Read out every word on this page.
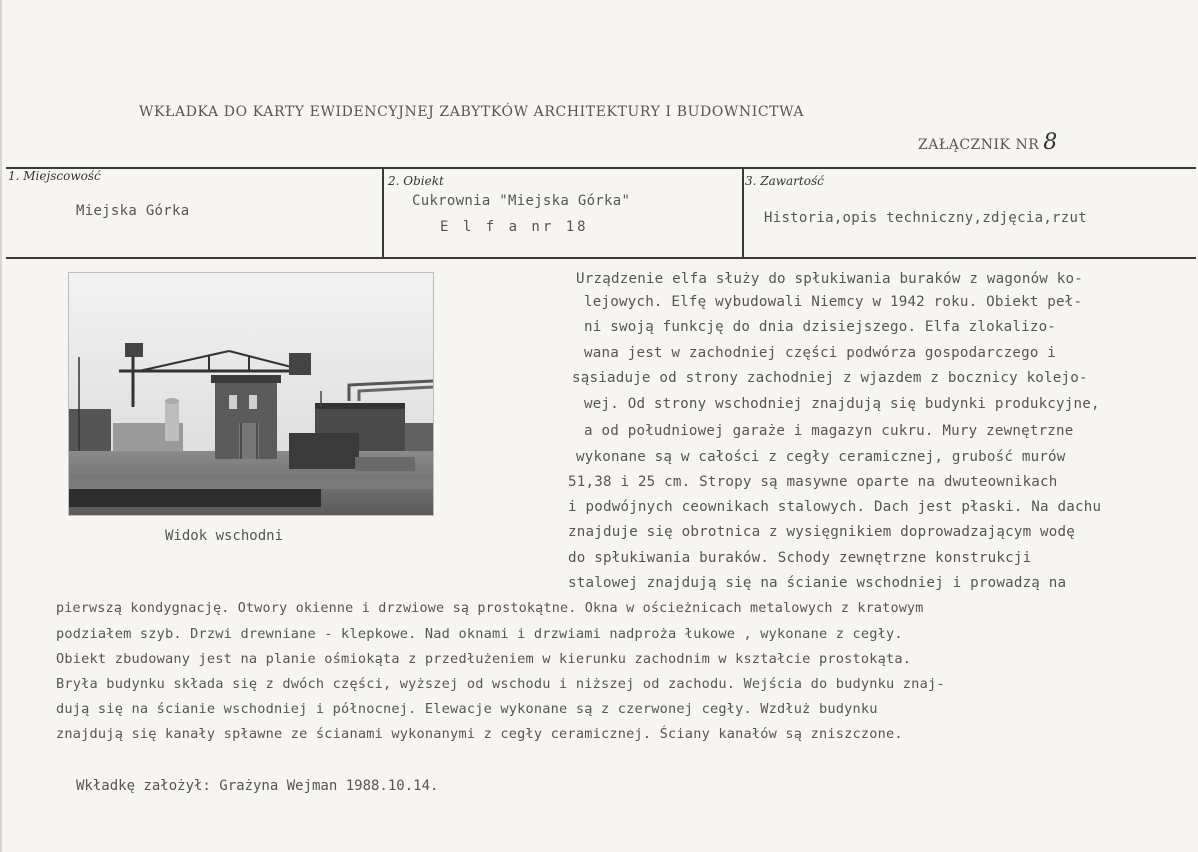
WKŁADKA DO KARTY EWIDENCYJNEJ ZABYTKÓW ARCHITEKTURY I BUDOWNICTWA
ZAŁĄCZNIK NR 8
1. Miejscowość
Miejska Górka
2. Obiekt
Cukrownia "Miejska Górka"
E l f a nr 18
3. Zawartość
Historia,opis techniczny,zdjęcia,rzut
Widok wschodni
Urządzenie elfa służy do spłukiwania buraków z wagonów ko-
lejowych. Elfę wybudowali Niemcy w 1942 roku. Obiekt peł-
ni swoją funkcję do dnia dzisiejszego. Elfa zlokalizo-
wana jest w zachodniej części podwórza gospodarczego i
sąsiaduje od strony zachodniej z wjazdem z bocznicy kolejo-
wej. Od strony wschodniej znajdują się budynki produkcyjne,
a od południowej garaże i magazyn cukru. Mury zewnętrzne
wykonane są w całości z cegły ceramicznej, grubość murów
51,38 i 25 cm. Stropy są masywne oparte na dwuteownikach
i podwójnych ceownikach stalowych. Dach jest płaski. Na dachu
znajduje się obrotnica z wysięgnikiem doprowadzającym wodę
do spłukiwania buraków. Schody zewnętrzne konstrukcji
stalowej znajdują się na ścianie wschodniej i prowadzą na
pierwszą kondygnację. Otwory okienne i drzwiowe są prostokątne. Okna w ościeżnicach metalowych z kratowym
podziałem szyb. Drzwi drewniane - klepkowe. Nad oknami i drzwiami nadproża łukowe , wykonane z cegły.
Obiekt zbudowany jest na planie ośmiokąta z przedłużeniem w kierunku zachodnim w kształcie prostokąta.
Bryła budynku składa się z dwóch części, wyższej od wschodu i niższej od zachodu. Wejścia do budynku znaj-
dują się na ścianie wschodniej i północnej. Elewacje wykonane są z czerwonej cegły. Wzdłuż budynku
znajdują się kanały spławne ze ścianami wykonanymi z cegły ceramicznej. Ściany kanałów są zniszczone.
Wkładkę założył: Grażyna Wejman 1988.10.14.
